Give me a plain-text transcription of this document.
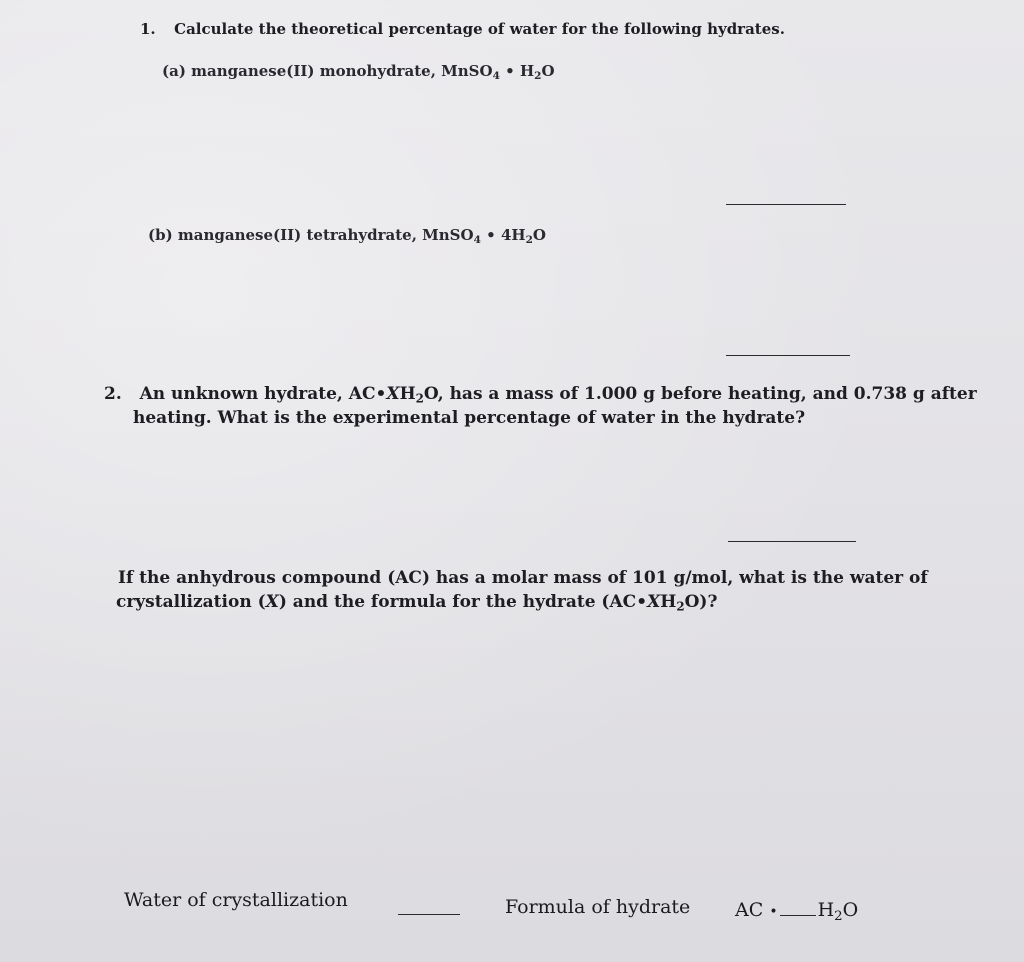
1. Calculate the theoretical percentage of water for the following hydrates.

(a) manganese(II) monohydrate, MnSO$_4$ • $H_2O$

(b) manganese(II) tetrahydrate, MnSO$_4$ • $4H_2O$

2. An unknown hydrate, $AC•XH_2O$, has a mass of 1.000 g before heating, and 0.738 g after

heating. What is the experimental percentage of water in the hydrate?

If the anhydrous compound (AC) has a molar mass of 101 g/mol, what is the water of

crystallization (X) and the formula for the hydrate $(AC•XH_2O)$?

Water of crystallization	Formula of hydrate AC • $H_2O$
